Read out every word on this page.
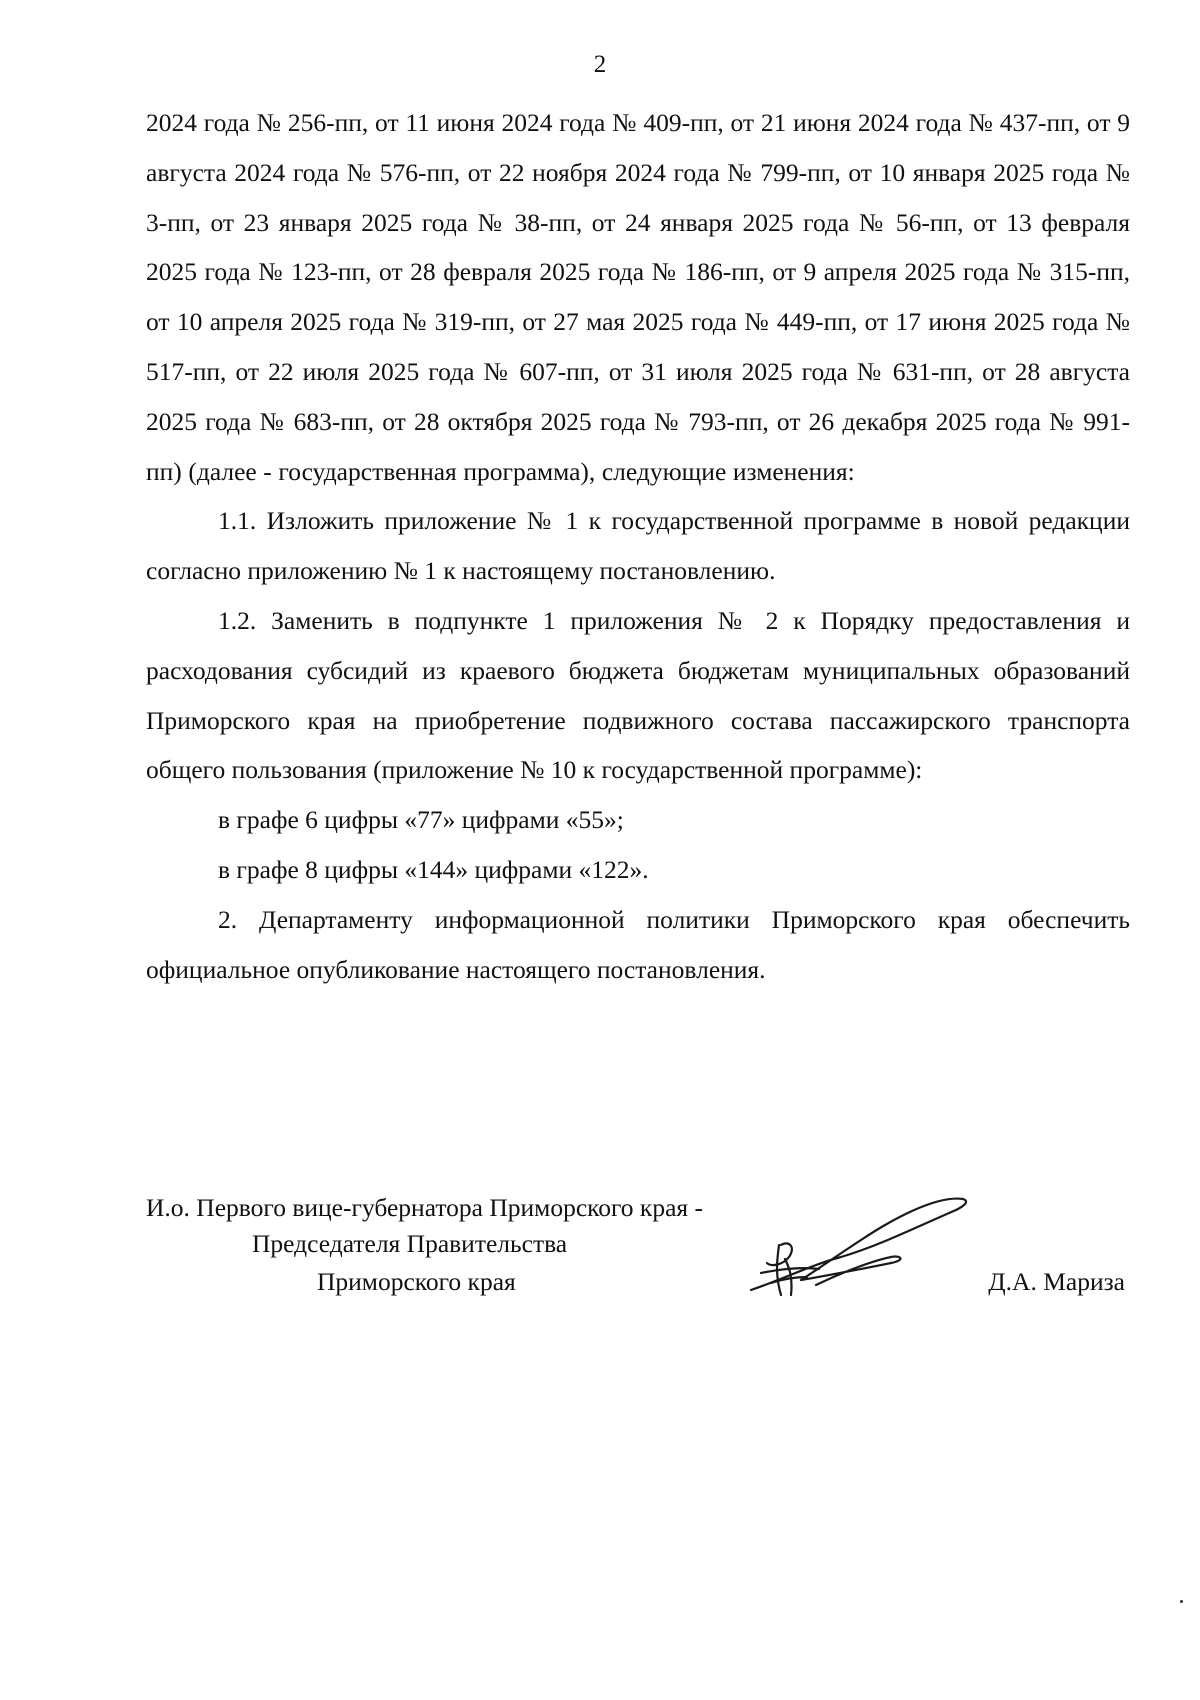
2

2024 года № 256-пп, от 11 июня 2024 года № 409-пп, от 21 июня 2024 года № 437-пп, от 9 августа 2024 года № 576-пп, от 22 ноября 2024 года № 799-пп, от 10 января 2025 года № 3-пп, от 23 января 2025 года № 38-пп, от 24 января 2025 года № 56-пп, от 13 февраля 2025 года № 123-пп, от 28 февраля 2025 года № 186-пп, от 9 апреля 2025 года № 315-пп, от 10 апреля 2025 года № 319-пп, от 27 мая 2025 года № 449-пп, от 17 июня 2025 года № 517-пп, от 22 июля 2025 года № 607-пп, от 31 июля 2025 года № 631-пп, от 28 августа 2025 года № 683-пп, от 28 октября 2025 года № 793-пп, от 26 декабря 2025 года № 991-пп) (далее - государственная программа), следующие изменения:

1.1. Изложить приложение № 1 к государственной программе в новой редакции согласно приложению № 1 к настоящему постановлению.

1.2. Заменить в подпункте 1 приложения № 2 к Порядку предоставления и расходования субсидий из краевого бюджета бюджетам муниципальных образований Приморского края на приобретение подвижного состава пассажирского транспорта общего пользования (приложение № 10 к государственной программе):

в графе 6 цифры «77» цифрами «55»;

в графе 8 цифры «144» цифрами «122».

2. Департаменту информационной политики Приморского края обеспечить официальное опубликование настоящего постановления.

И.о. Первого вице-губернатора Приморского края -
Председателя Правительства
Приморского края	Д.А. Мариза
